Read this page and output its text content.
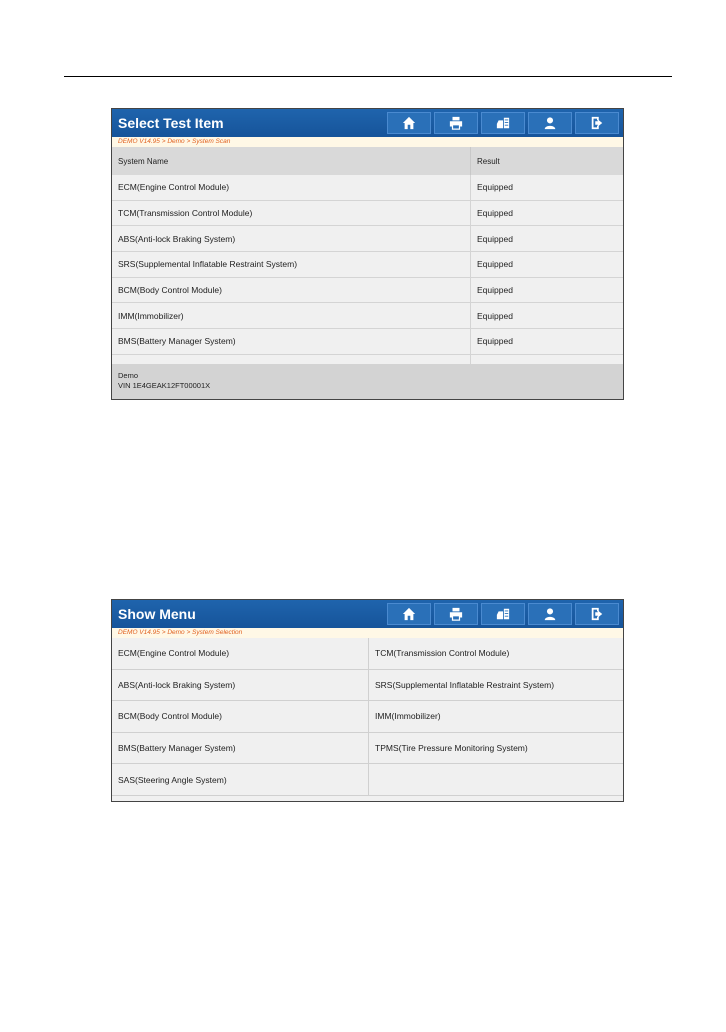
Select Test Item
DEMO V14.95 > Demo > System Scan
System Name	Result
ECM(Engine Control Module)	Equipped
TCM(Transmission Control Module)	Equipped
ABS(Anti-lock Braking System)	Equipped
SRS(Supplemental Inflatable Restraint System)	Equipped
BCM(Body Control Module)	Equipped
IMM(Immobilizer)	Equipped
BMS(Battery Manager System)	Equipped
Demo
VIN 1E4GEAK12FT00001X
Show Menu
DEMO V14.95 > Demo > System Selection
ECM(Engine Control Module)	TCM(Transmission Control Module)
ABS(Anti-lock Braking System)	SRS(Supplemental Inflatable Restraint System)
BCM(Body Control Module)	IMM(Immobilizer)
BMS(Battery Manager System)	TPMS(Tire Pressure Monitoring System)
SAS(Steering Angle System)
